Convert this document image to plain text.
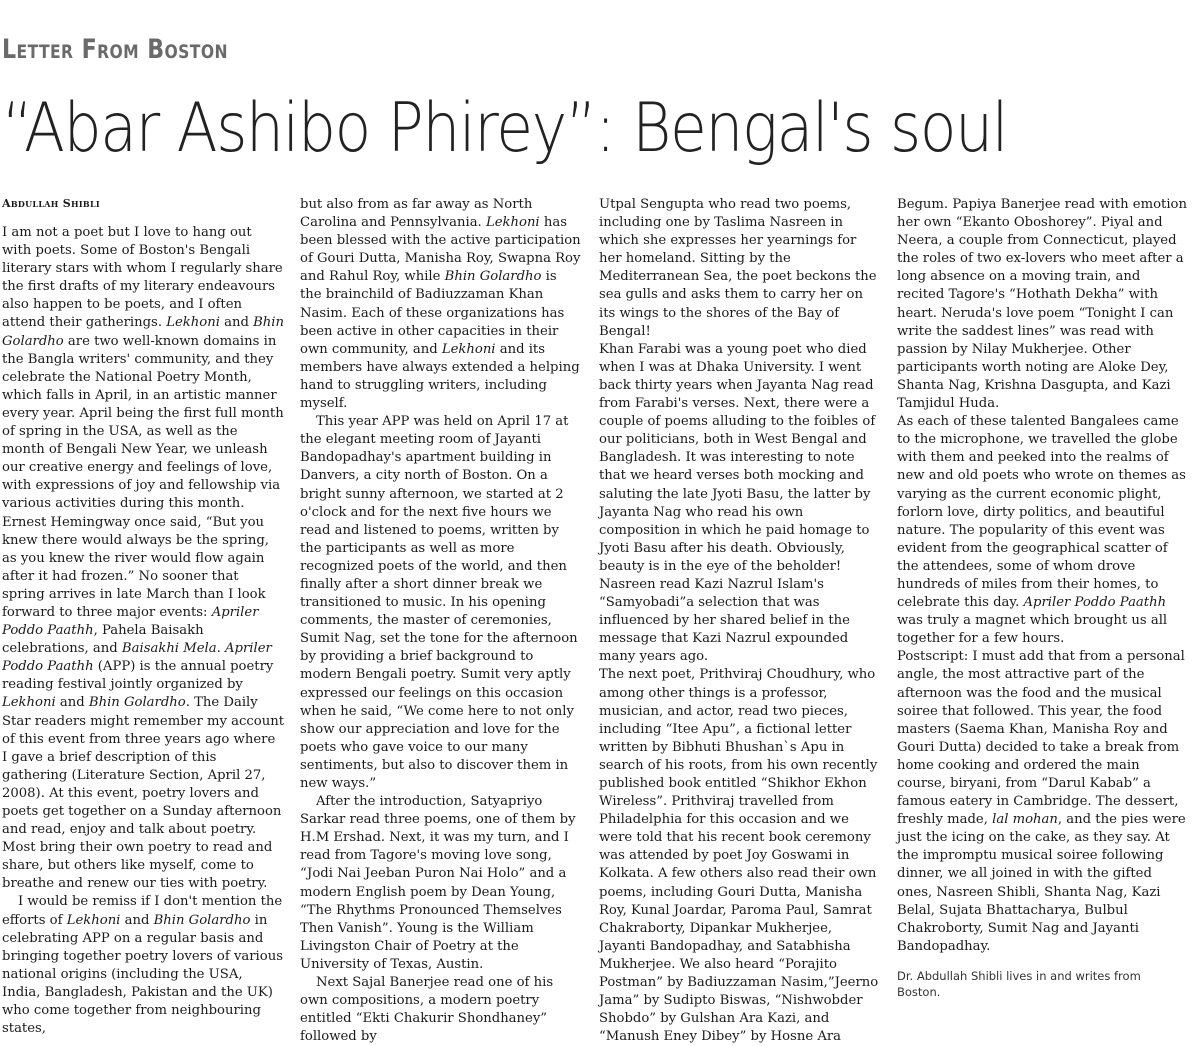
Letter From Boston
“Abar Ashibo Phirey”: Bengal's soul
Abdullah Shibli

I am not a poet but I love to hang out with poets. Some of Boston's Bengali literary stars with whom I regularly share the first drafts of my literary endeavours also happen to be poets, and I often attend their gatherings. Lekhoni and Bhin Golardho are two well-known domains in the Bangla writers' community, and they celebrate the National Poetry Month, which falls in April, in an artistic manner every year. April being the first full month of spring in the USA, as well as the month of Bengali New Year, we unleash our creative energy and feelings of love, with expressions of joy and fellowship via various activities during this month.

Ernest Hemingway once said, “But you knew there would always be the spring, as you knew the river would flow again after it had frozen.” No sooner that spring arrives in late March than I look forward to three major events: Apriler Poddo Paathh, Pahela Baisakh celebrations, and Baisakhi Mela. Apriler Poddo Paathh (APP) is the annual poetry reading festival jointly organized by Lekhoni and Bhin Golardho. The Daily Star readers might remember my account of this event from three years ago where I gave a brief description of this gathering (Literature Section, April 27, 2008). At this event, poetry lovers and poets get together on a Sunday afternoon and read, enjoy and talk about poetry. Most bring their own poetry to read and share, but others like myself, come to breathe and renew our ties with poetry.

I would be remiss if I don't mention the efforts of Lekhoni and Bhin Golardho in celebrating APP on a regular basis and bringing together poetry lovers of various national origins (including the USA, India, Bangladesh, Pakistan and the UK) who come together from neighbouring states,

but also from as far away as North Carolina and Pennsylvania. Lekhoni has been blessed with the active participation of Gouri Dutta, Manisha Roy, Swapna Roy and Rahul Roy, while Bhin Golardho is the brainchild of Badiuzzaman Khan Nasim. Each of these organizations has been active in other capacities in their own community, and Lekhoni and its members have always extended a helping hand to struggling writers, including myself.

This year APP was held on April 17 at the elegant meeting room of Jayanti Bandopadhay's apartment building in Danvers, a city north of Boston. On a bright sunny afternoon, we started at 2 o'clock and for the next five hours we read and listened to poems, written by the participants as well as more recognized poets of the world, and then finally after a short dinner break we transitioned to music. In his opening comments, the master of ceremonies, Sumit Nag, set the tone for the afternoon by providing a brief background to modern Bengali poetry. Sumit very aptly expressed our feelings on this occasion when he said, “We come here to not only show our appreciation and love for the poets who gave voice to our many sentiments, but also to discover them in new ways.”

After the introduction, Satyapriyo Sarkar read three poems, one of them by H.M Ershad. Next, it was my turn, and I read from Tagore's moving love song, “Jodi Nai Jeeban Puron Nai Holo” and a modern English poem by Dean Young, “The Rhythms Pronounced Themselves Then Vanish”. Young is the William Livingston Chair of Poetry at the University of Texas, Austin.

Next Sajal Banerjee read one of his own compositions, a modern poetry entitled “Ekti Chakurir Shondhaney” followed by

Utpal Sengupta who read two poems, including one by Taslima Nasreen in which she expresses her yearnings for her homeland. Sitting by the Mediterranean Sea, the poet beckons the sea gulls and asks them to carry her on its wings to the shores of the Bay of Bengal!

Khan Farabi was a young poet who died when I was at Dhaka University. I went back thirty years when Jayanta Nag read from Farabi's verses. Next, there were a couple of poems alluding to the foibles of our politicians, both in West Bengal and Bangladesh. It was interesting to note that we heard verses both mocking and saluting the late Jyoti Basu, the latter by Jayanta Nag who read his own composition in which he paid homage to Jyoti Basu after his death. Obviously, beauty is in the eye of the beholder! Nasreen read Kazi Nazrul Islam's “Samyobadi”a selection that was influenced by her shared belief in the message that Kazi Nazrul expounded many years ago.

The next poet, Prithviraj Choudhury, who among other things is a professor, musician, and actor, read two pieces, including “Itee Apu”, a fictional letter written by Bibhuti Bhushan`s Apu in search of his roots, from his own recently published book entitled “Shikhor Ekhon Wireless”. Prithviraj travelled from Philadelphia for this occasion and we were told that his recent book ceremony was attended by poet Joy Goswami in Kolkata. A few others also read their own poems, including Gouri Dutta, Manisha Roy, Kunal Joardar, Paroma Paul, Samrat Chakraborty, Dipankar Mukherjee, Jayanti Bandopadhay, and Satabhisha Mukherjee. We also heard “Porajito Postman” by Badiuzzaman Nasim,”Jeerno Jama” by Sudipto Biswas, “Nishwobder Shobdo” by Gulshan Ara Kazi, and “Manush Eney Dibey” by Hosne Ara

Begum. Papiya Banerjee read with emotion her own “Ekanto Oboshorey”. Piyal and Neera, a couple from Connecticut, played the roles of two ex-lovers who meet after a long absence on a moving train, and recited Tagore's “Hothath Dekha” with heart. Neruda's love poem “Tonight I can write the saddest lines” was read with passion by Nilay Mukherjee. Other participants worth noting are Aloke Dey, Shanta Nag, Krishna Dasgupta, and Kazi Tamjidul Huda.

As each of these talented Bangalees came to the microphone, we travelled the globe with them and peeked into the realms of new and old poets who wrote on themes as varying as the current economic plight, forlorn love, dirty politics, and beautiful nature. The popularity of this event was evident from the geographical scatter of the attendees, some of whom drove hundreds of miles from their homes, to celebrate this day. Apriler Poddo Paathh was truly a magnet which brought us all together for a few hours.

Postscript: I must add that from a personal angle, the most attractive part of the afternoon was the food and the musical soiree that followed. This year, the food masters (Saema Khan, Manisha Roy and Gouri Dutta) decided to take a break from home cooking and ordered the main course, biryani, from “Darul Kabab” a famous eatery in Cambridge. The dessert, freshly made, lal mohan, and the pies were just the icing on the cake, as they say. At the impromptu musical soiree following dinner, we all joined in with the gifted ones, Nasreen Shibli, Shanta Nag, Kazi Belal, Sujata Bhattacharya, Bulbul Chakroborty, Sumit Nag and Jayanti Bandopadhay.

Dr. Abdullah Shibli lives in and writes from Boston.
